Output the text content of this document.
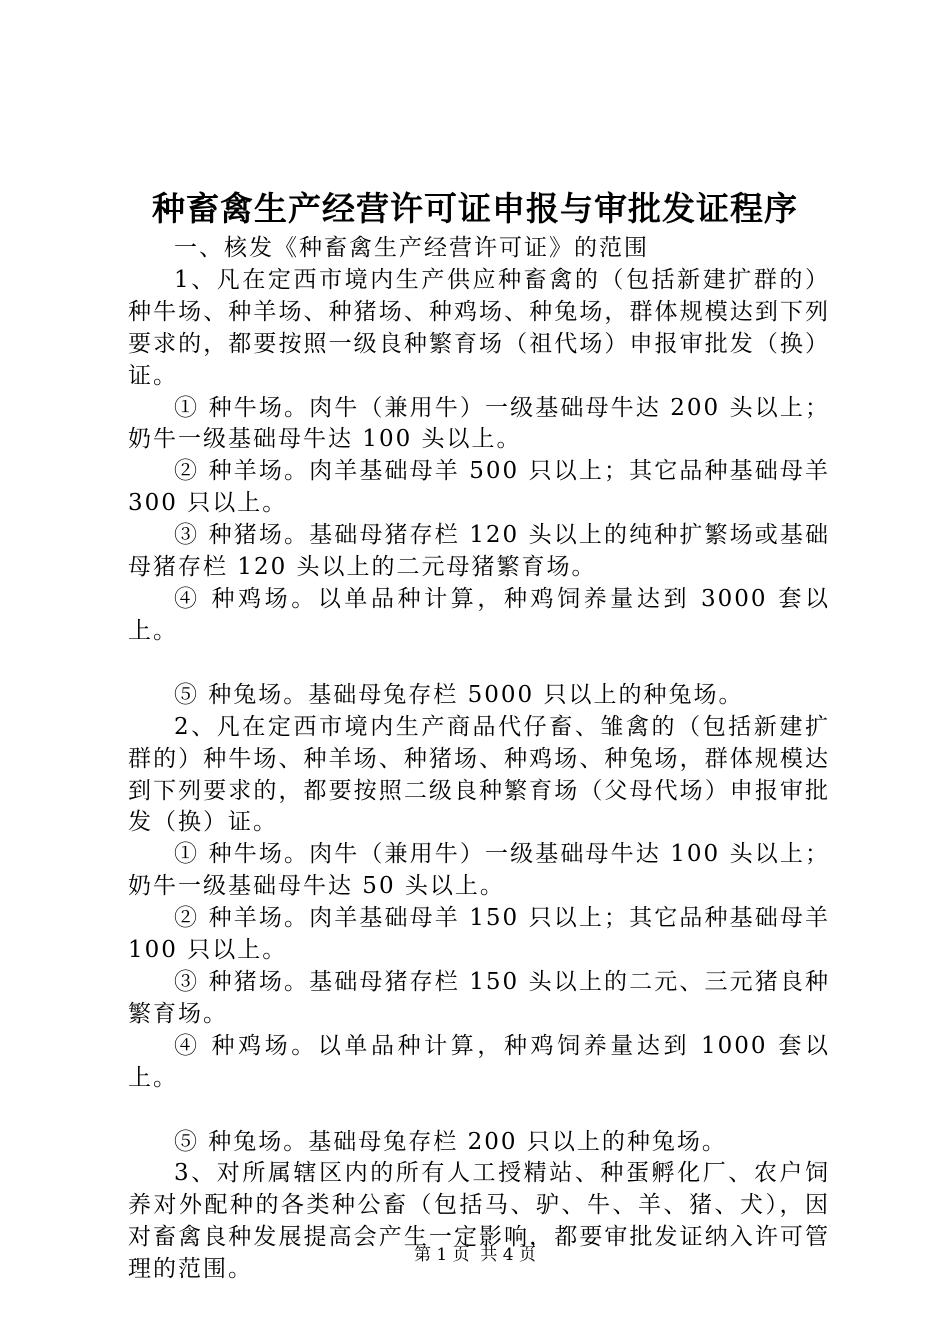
种畜禽生产经营许可证申报与审批发证程序

一、核发《种畜禽生产经营许可证》的范围

1、凡在定西市境内生产供应种畜禽的（包括新建扩群的）种牛场、种羊场、种猪场、种鸡场、种兔场，群体规模达到下列要求的，都要按照一级良种繁育场（祖代场）申报审批发（换）证。

① 种牛场。肉牛（兼用牛）一级基础母牛达 200 头以上；奶牛一级基础母牛达 100 头以上。

② 种羊场。肉羊基础母羊 500 只以上；其它品种基础母羊 300 只以上。

③ 种猪场。基础母猪存栏 120 头以上的纯种扩繁场或基础母猪存栏 120 头以上的二元母猪繁育场。

④ 种鸡场。以单品种计算，种鸡饲养量达到 3000 套以上。

⑤ 种兔场。基础母兔存栏 5000 只以上的种兔场。

2、凡在定西市境内生产商品代仔畜、雏禽的（包括新建扩群的）种牛场、种羊场、种猪场、种鸡场、种兔场，群体规模达到下列要求的，都要按照二级良种繁育场（父母代场）申报审批发（换）证。

① 种牛场。肉牛（兼用牛）一级基础母牛达 100 头以上；奶牛一级基础母牛达 50 头以上。

② 种羊场。肉羊基础母羊 150 只以上；其它品种基础母羊 100 只以上。

③ 种猪场。基础母猪存栏 150 头以上的二元、三元猪良种繁育场。

④ 种鸡场。以单品种计算，种鸡饲养量达到 1000 套以上。

⑤ 种兔场。基础母兔存栏 200 只以上的种兔场。

3、对所属辖区内的所有人工授精站、种蛋孵化厂、农户饲养对外配种的各类种公畜（包括马、驴、牛、羊、猪、犬），因对畜禽良种发展提高会产生一定影响，都要审批发证纳入许可管理的范围。

第 1 页 共 4 页
